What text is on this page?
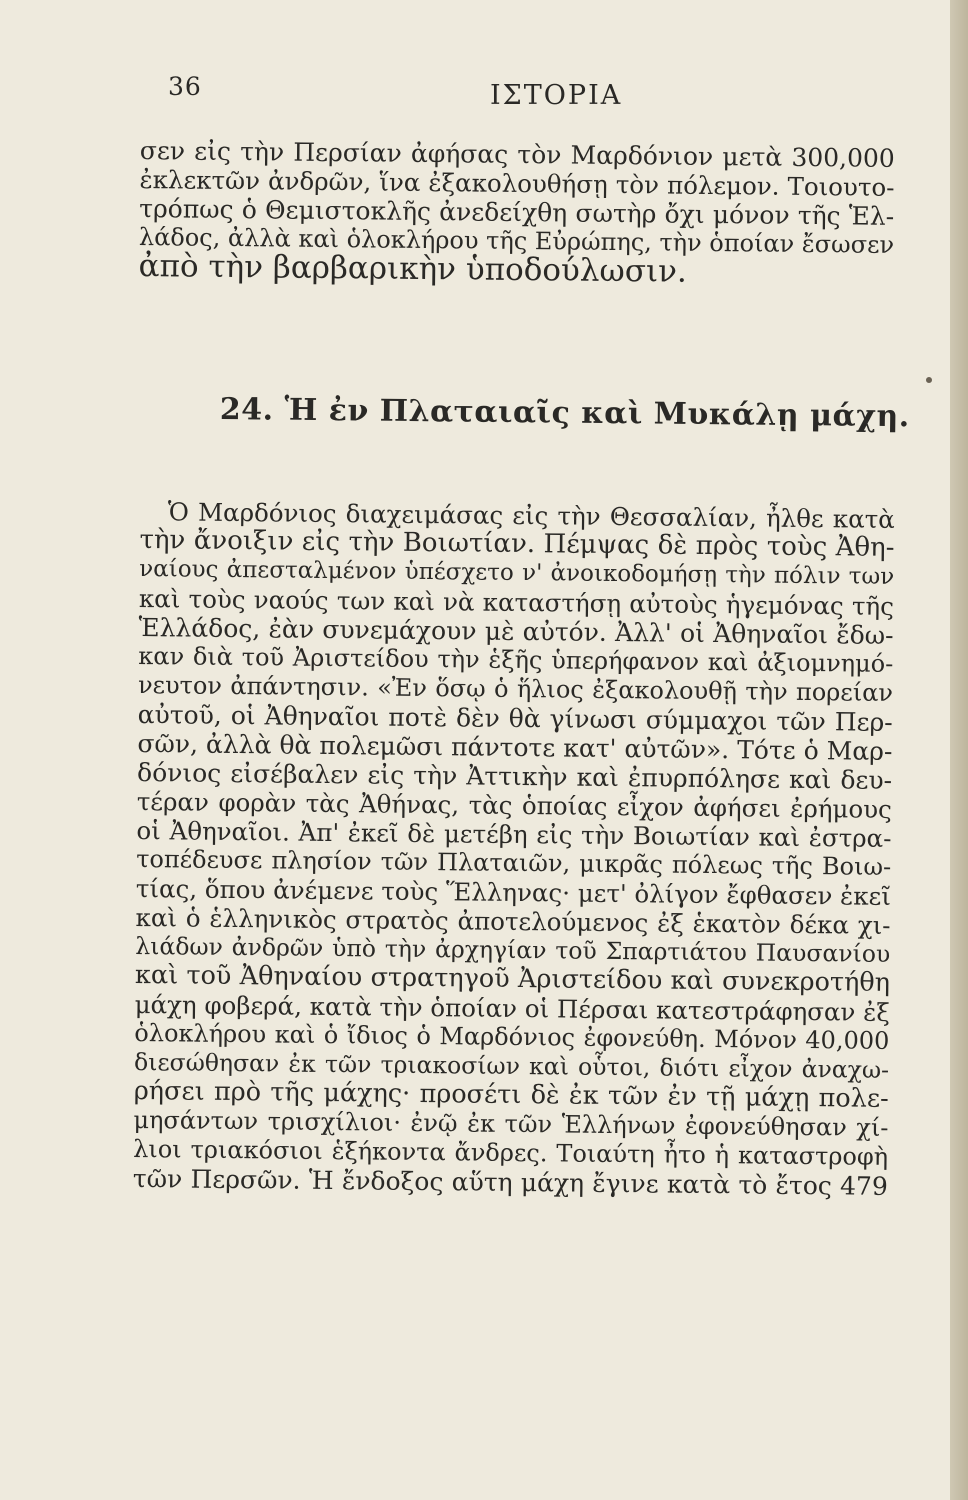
36	ΙΣΤΟΡΙΑ
σεν εἰς τὴν Περσίαν ἀφήσας τὸν Μαρδόνιον μετὰ 300,000
ἐκλεκτῶν ἀνδρῶν, ἵνα ἐξακολουθήσῃ τὸν πόλεμον. Τοιουτο-
τρόπως ὁ Θεμιστοκλῆς ἀνεδείχθη σωτὴρ ὄχι μόνον τῆς Ἑλ-
λάδος, ἀλλὰ καὶ ὁλοκλήρου τῆς Εὐρώπης, τὴν ὁποίαν ἔσωσεν
ἀπὸ τὴν βαρβαρικὴν ὑποδούλωσιν.
24. Ἡ ἐν Πλαταιαῖς καὶ Μυκάλῃ μάχη.
Ὁ Μαρδόνιος διαχειμάσας εἰς τὴν Θεσσαλίαν, ἦλθε κατὰ
τὴν ἄνοιξιν εἰς τὴν Βοιωτίαν. Πέμψας δὲ πρὸς τοὺς Ἀθη-
ναίους ἀπεσταλμένον ὑπέσχετο ν' ἀνοικοδομήσῃ τὴν πόλιν των
καὶ τοὺς ναούς των καὶ νὰ καταστήσῃ αὐτοὺς ἡγεμόνας τῆς
Ἑλλάδος, ἐὰν συνεμάχουν μὲ αὐτόν. Ἀλλ' οἱ Ἀθηναῖοι ἔδω-
καν διὰ τοῦ Ἀριστείδου τὴν ἑξῆς ὑπερήφανον καὶ ἀξιομνημό-
νευτον ἀπάντησιν. «Ἐν ὅσῳ ὁ ἥλιος ἐξακολουθῇ τὴν πορείαν
αὐτοῦ, οἱ Ἀθηναῖοι ποτὲ δὲν θὰ γίνωσι σύμμαχοι τῶν Περ-
σῶν, ἀλλὰ θὰ πολεμῶσι πάντοτε κατ' αὐτῶν». Τότε ὁ Μαρ-
δόνιος εἰσέβαλεν εἰς τὴν Ἀττικὴν καὶ ἐπυρπόλησε καὶ δευ-
τέραν φορὰν τὰς Ἀθήνας, τὰς ὁποίας εἶχον ἀφήσει ἐρήμους
οἱ Ἀθηναῖοι. Ἀπ' ἐκεῖ δὲ μετέβη εἰς τὴν Βοιωτίαν καὶ ἐστρα-
τοπέδευσε πλησίον τῶν Πλαταιῶν, μικρᾶς πόλεως τῆς Βοιω-
τίας, ὅπου ἀνέμενε τοὺς Ἕλληνας· μετ' ὀλίγον ἔφθασεν ἐκεῖ
καὶ ὁ ἑλληνικὸς στρατὸς ἀποτελούμενος ἐξ ἑκατὸν δέκα χι-
λιάδων ἀνδρῶν ὑπὸ τὴν ἀρχηγίαν τοῦ Σπαρτιάτου Παυσανίου
καὶ τοῦ Ἀθηναίου στρατηγοῦ Ἀριστείδου καὶ συνεκροτήθη
μάχη φοβερά, κατὰ τὴν ὁποίαν οἱ Πέρσαι κατεστράφησαν ἐξ
ὁλοκλήρου καὶ ὁ ἴδιος ὁ Μαρδόνιος ἐφονεύθη. Μόνον 40,000
διεσώθησαν ἐκ τῶν τριακοσίων καὶ οὗτοι, διότι εἶχον ἀναχω-
ρήσει πρὸ τῆς μάχης· προσέτι δὲ ἐκ τῶν ἐν τῇ μάχῃ πολε-
μησάντων τρισχίλιοι· ἐνῷ ἐκ τῶν Ἑλλήνων ἐφονεύθησαν χί-
λιοι τριακόσιοι ἑξήκοντα ἄνδρες. Τοιαύτη ἦτο ἡ καταστροφὴ
τῶν Περσῶν. Ἡ ἔνδοξος αὕτη μάχη ἔγινε κατὰ τὸ ἔτος 479
